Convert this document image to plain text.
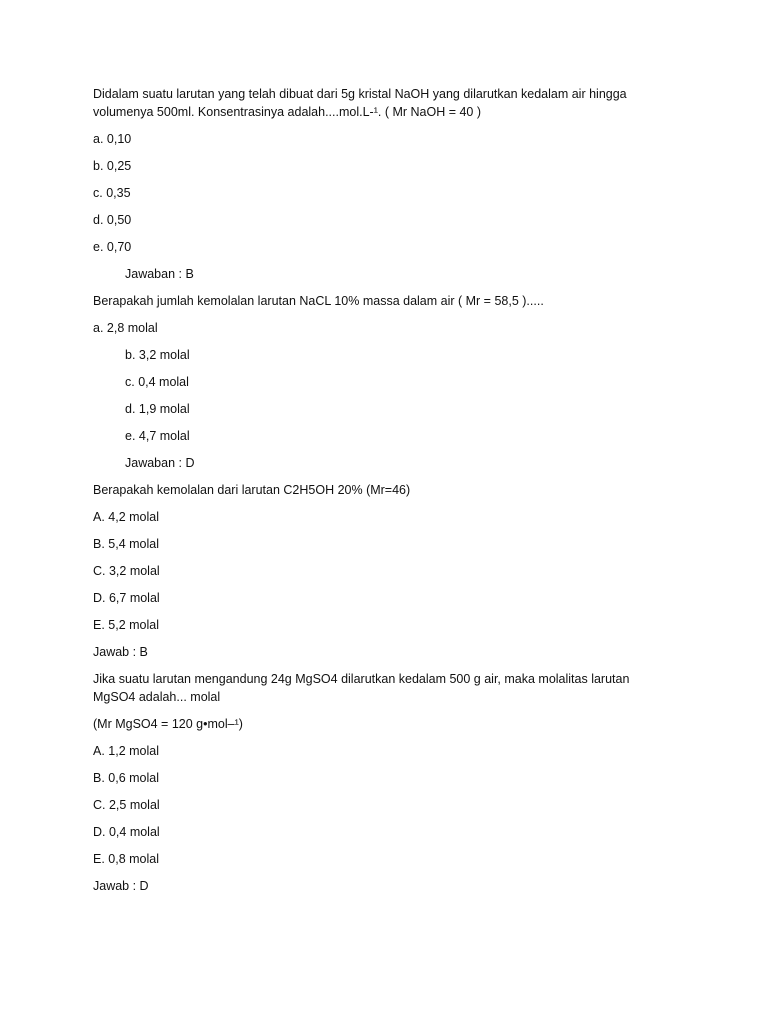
Didalam suatu larutan yang telah dibuat dari 5g kristal NaOH yang dilarutkan kedalam air hingga
volumenya 500ml. Konsentrasinya adalah....mol.L-¹. ( Mr NaOH = 40 )

a. 0,10

b. 0,25

c. 0,35

d. 0,50

e. 0,70

Jawaban : B

Berapakah jumlah kemolalan larutan NaCL 10% massa dalam air ( Mr = 58,5 ).....

a. 2,8 molal

b. 3,2 molal

c. 0,4 molal

d. 1,9 molal

e. 4,7 molal

Jawaban : D

Berapakah kemolalan dari larutan C2H5OH 20% (Mr=46)

A. 4,2 molal

B. 5,4 molal

C. 3,2 molal

D. 6,7 molal

E. 5,2 molal

Jawab : B

Jika suatu larutan mengandung 24g MgSO4 dilarutkan kedalam 500 g air, maka molalitas larutan
MgSO4 adalah... molal

(Mr MgSO4 = 120 g•mol–¹)

A. 1,2 molal

B. 0,6 molal

C. 2,5 molal

D. 0,4 molal

E. 0,8 molal

Jawab : D
